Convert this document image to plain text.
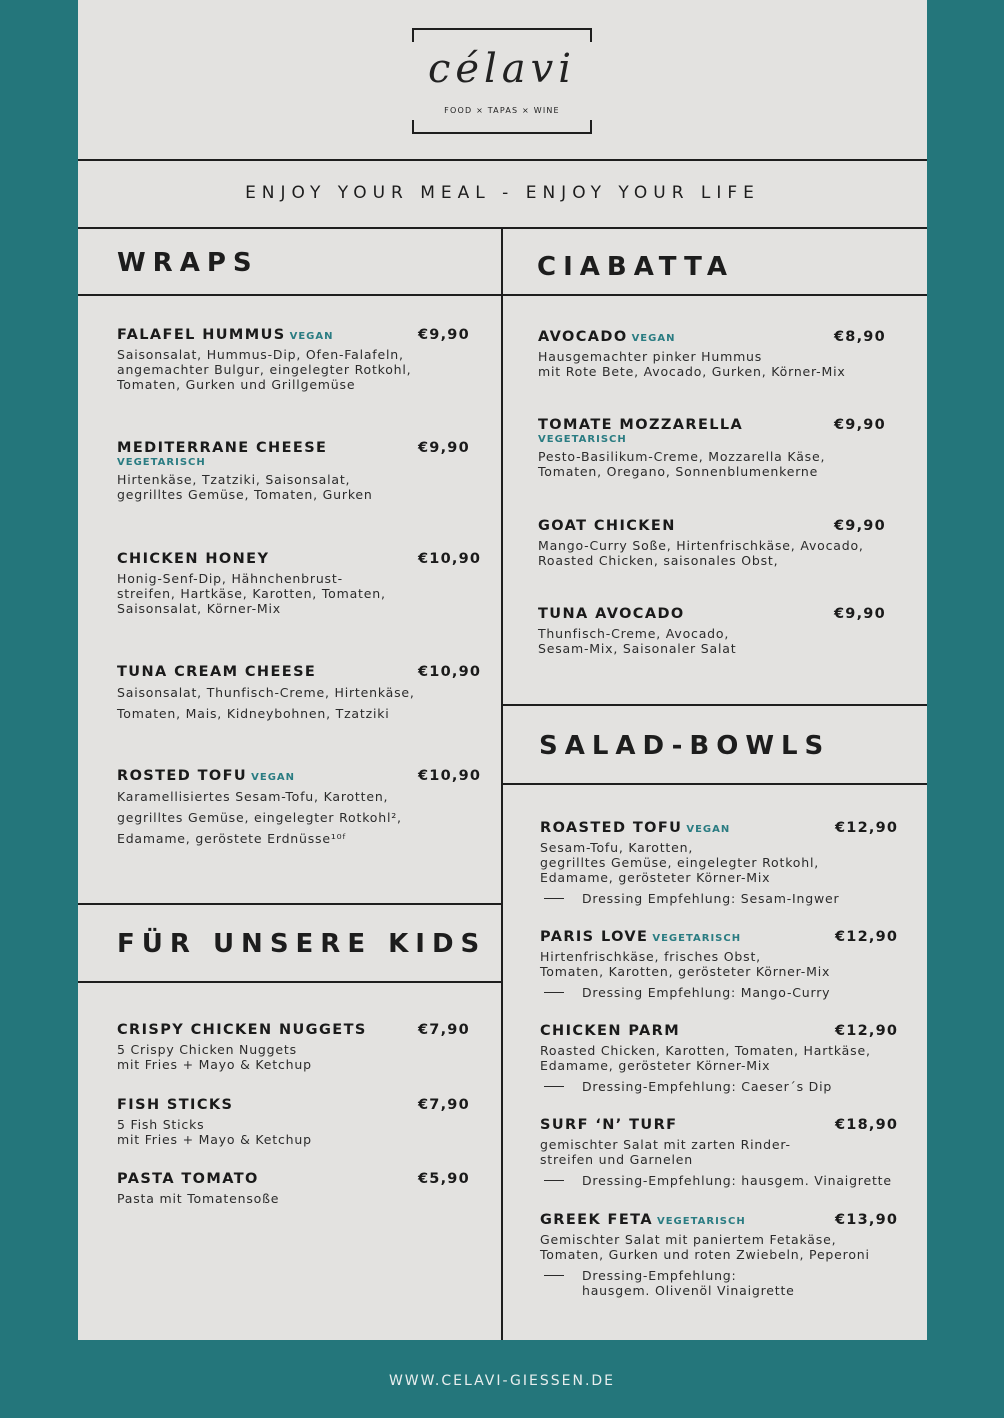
célavi
FOOD × TAPAS × WINE
ENJOY YOUR MEAL - ENJOY YOUR LIFE
WRAPS	CIABATTA
FÜR UNSERE KIDS
SALAD-BOWLS
FALAFEL HUMMUS VEGAN	€9,90
Saisonsalat, Hummus-Dip, Ofen-Falafeln,
angemachter Bulgur, eingelegter Rotkohl,
Tomaten, Gurken und Grillgemüse
MEDITERRANE CHEESE
VEGETARISCH
€9,90
Hirtenkäse, Tzatziki, Saisonsalat,
gegrilltes Gemüse, Tomaten, Gurken
CHICKEN HONEY	€10,90
Honig-Senf-Dip, Hähnchenbrust-
streifen, Hartkäse, Karotten, Tomaten,
Saisonsalat, Körner-Mix
TUNA CREAM CHEESE	€10,90
Saisonsalat, Thunfisch-Creme, Hirtenkäse,
Tomaten, Mais, Kidneybohnen, Tzatziki
ROSTED TOFU VEGAN	€10,90
Karamellisiertes Sesam-Tofu, Karotten,
gegrilltes Gemüse, eingelegter Rotkohl²,
Edamame, geröstete Erdnüsse¹⁰ᶠ
CRISPY CHICKEN NUGGETS	€7,90
5 Crispy Chicken Nuggets
mit Fries + Mayo & Ketchup
FISH STICKS	€7,90
5 Fish Sticks
mit Fries + Mayo & Ketchup
PASTA TOMATO	€5,90
Pasta mit Tomatensoße
AVOCADO VEGAN	€8,90
Hausgemachter pinker Hummus
mit Rote Bete, Avocado, Gurken, Körner-Mix
TOMATE MOZZARELLA
VEGETARISCH
€9,90
Pesto-Basilikum-Creme, Mozzarella Käse,
Tomaten, Oregano, Sonnenblumenkerne
GOAT CHICKEN	€9,90
Mango-Curry Soße, Hirtenfrischkäse, Avocado,
Roasted Chicken, saisonales Obst,
TUNA AVOCADO	€9,90
Thunfisch-Creme, Avocado,
Sesam-Mix, Saisonaler Salat
ROASTED TOFU VEGAN	€12,90
Sesam-Tofu, Karotten,
gegrilltes Gemüse, eingelegter Rotkohl,
Edamame, gerösteter Körner-Mix
Dressing Empfehlung: Sesam-Ingwer
PARIS LOVE VEGETARISCH	€12,90
Hirtenfrischkäse, frisches Obst,
Tomaten, Karotten, gerösteter Körner-Mix
Dressing Empfehlung: Mango-Curry
CHICKEN PARM	€12,90
Roasted Chicken, Karotten, Tomaten, Hartkäse,
Edamame, gerösteter Körner-Mix
Dressing-Empfehlung: Caeser´s Dip
SURF ‘N’ TURF	€18,90
gemischter Salat mit zarten Rinder-
streifen und Garnelen
Dressing-Empfehlung: hausgem. Vinaigrette
GREEK FETA VEGETARISCH	€13,90
Gemischter Salat mit paniertem Fetakäse,
Tomaten, Gurken und roten Zwiebeln, Peperoni
Dressing-Empfehlung:
hausgem. Olivenöl Vinaigrette
WWW.CELAVI-GIESSEN.DE
